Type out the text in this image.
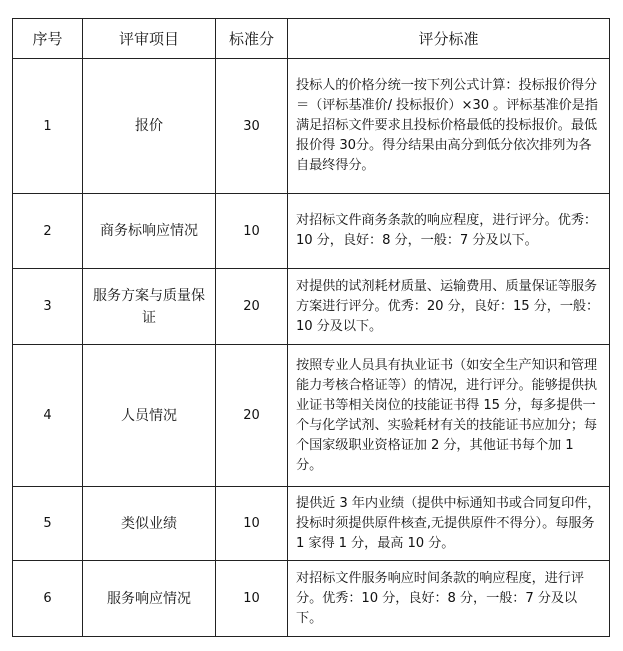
序号	评审项目	标准分	评分标准
1	报价	30	投标人的价格分统一按下列公式计算：投标报价得分＝（评标基准价/ 投标报价）×30 。评标基准价是指满足招标文件要求且投标价格最低的投标报价。最低报价得 30分。得分结果由高分到低分依次排列为各自最终得分。
2	商务标响应情况	10	对招标文件商务条款的响应程度，进行评分。优秀：10 分，良好：8 分，一般：7 分及以下。
3	服务方案与质量保证	20	对提供的试剂耗材质量、运输费用、质量保证等服务方案进行评分。优秀：20 分，良好：15 分，一般：10 分及以下。
4	人员情况	20	按照专业人员具有执业证书（如安全生产知识和管理能力考核合格证等）的情况，进行评分。能够提供执业证书等相关岗位的技能证书得 15 分，每多提供一个与化学试剂、实验耗材有关的技能证书应加分；每个国家级职业资格证加 2 分，其他证书每个加 1 分。
5	类似业绩	10	提供近 3 年内业绩（提供中标通知书或合同复印件，投标时须提供原件核查,无提供原件不得分）。每服务 1 家得 1 分，最高 10 分。
6	服务响应情况	10	对招标文件服务响应时间条款的响应程度，进行评分。优秀：10 分，良好：8 分，一般：7 分及以下。
